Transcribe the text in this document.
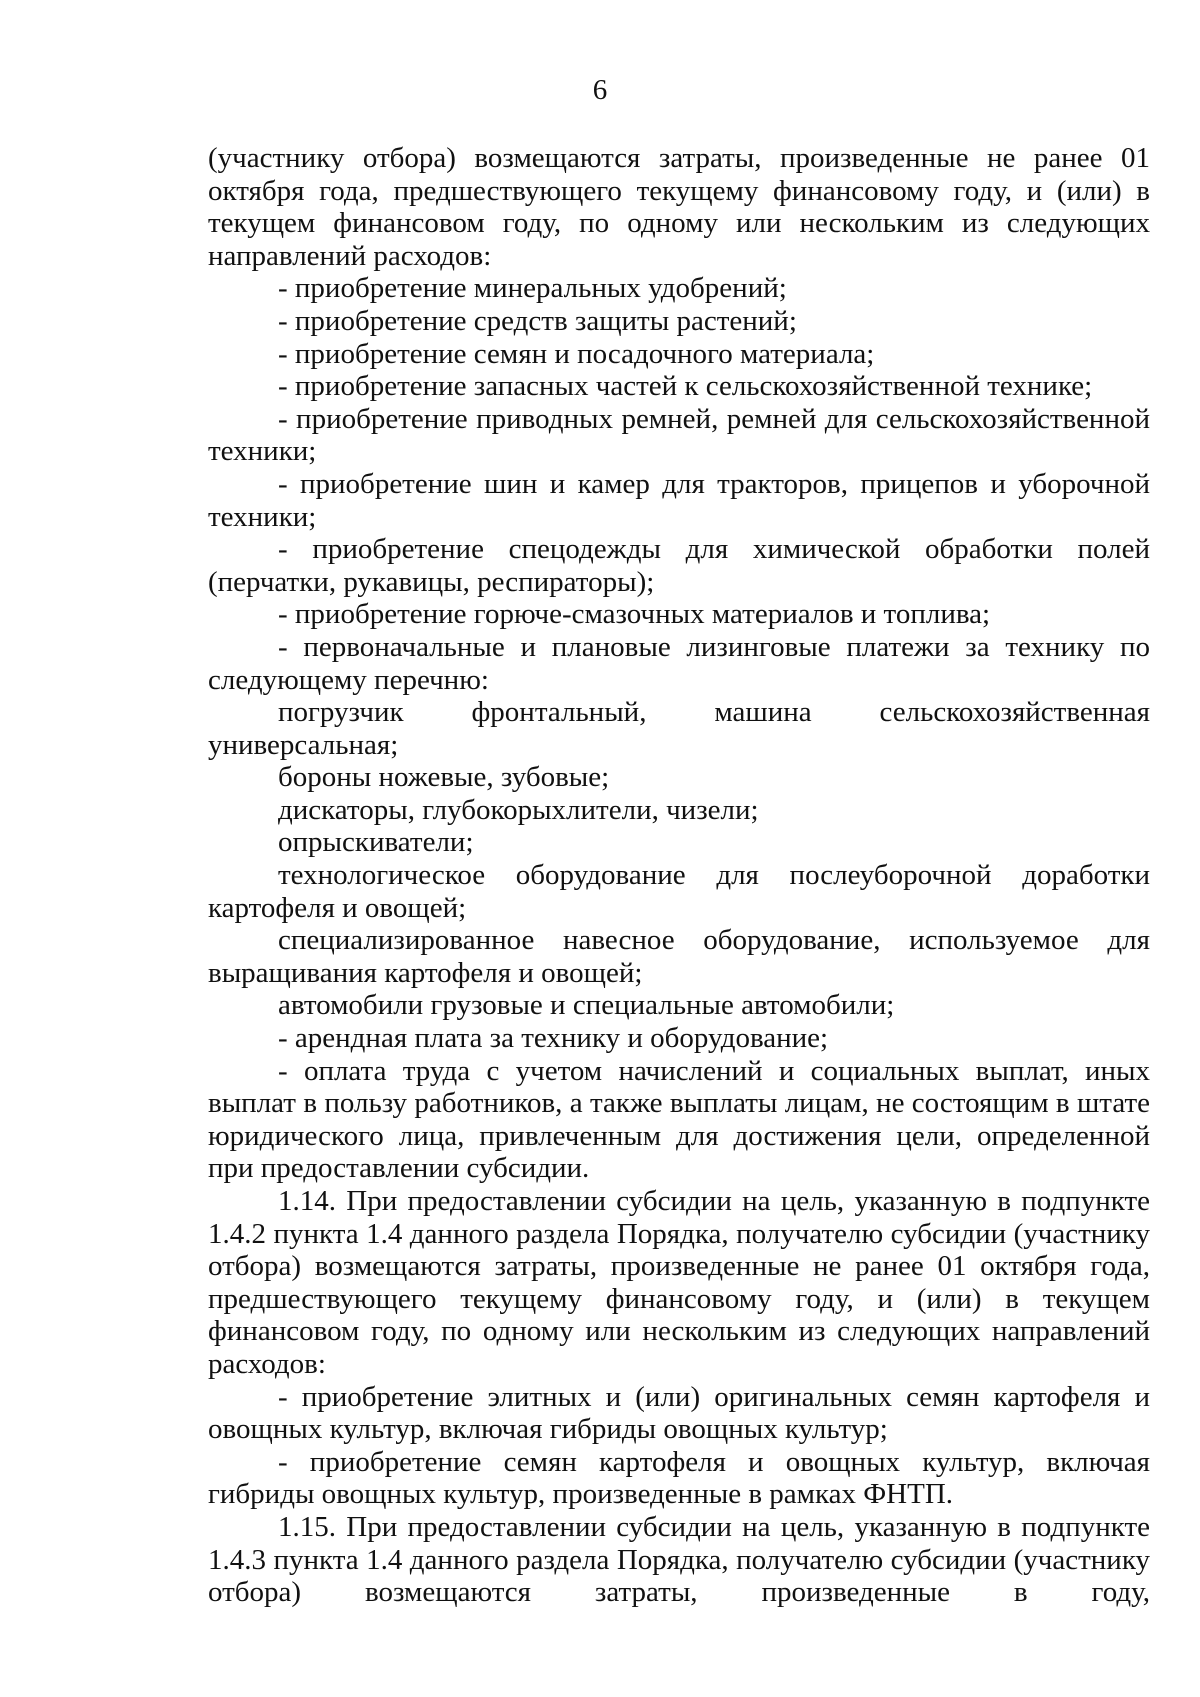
6

(участнику отбора) возмещаются затраты, произведенные не ранее 01 октября года, предшествующего текущему финансовому году, и (или) в текущем финансовом году, по одному или нескольким из следующих направлений расходов:

- приобретение минеральных удобрений;

- приобретение средств защиты растений;

- приобретение семян и посадочного материала;

- приобретение запасных частей к сельскохозяйственной технике;

- приобретение приводных ремней, ремней для сельскохозяйственной техники;

- приобретение шин и камер для тракторов, прицепов и уборочной техники;

- приобретение спецодежды для химической обработки полей (перчатки, рукавицы, респираторы);

- приобретение горюче-смазочных материалов и топлива;

- первоначальные и плановые лизинговые платежи за технику по следующему перечню:

погрузчик фронтальный, машина сельскохозяйственная универсальная;

бороны ножевые, зубовые;

дискаторы, глубокорыхлители, чизели;

опрыскиватели;

технологическое оборудование для послеуборочной доработки картофеля и овощей;

специализированное навесное оборудование, используемое для выращивания картофеля и овощей;

автомобили грузовые и специальные автомобили;

- арендная плата за технику и оборудование;

- оплата труда с учетом начислений и социальных выплат, иных выплат в пользу работников, а также выплаты лицам, не состоящим в штате юридического лица, привлеченным для достижения цели, определенной при предоставлении субсидии.

1.14. При предоставлении субсидии на цель, указанную в подпункте 1.4.2 пункта 1.4 данного раздела Порядка, получателю субсидии (участнику отбора) возмещаются затраты, произведенные не ранее 01 октября года, предшествующего текущему финансовому году, и (или) в текущем финансовом году, по одному или нескольким из следующих направлений расходов:

- приобретение элитных и (или) оригинальных семян картофеля и овощных культур, включая гибриды овощных культур;

- приобретение семян картофеля и овощных культур, включая гибриды овощных культур, произведенные в рамках ФНТП.

1.15. При предоставлении субсидии на цель, указанную в подпункте 1.4.3 пункта 1.4 данного раздела Порядка, получателю субсидии (участнику отбора) возмещаются затраты, произведенные в году,
